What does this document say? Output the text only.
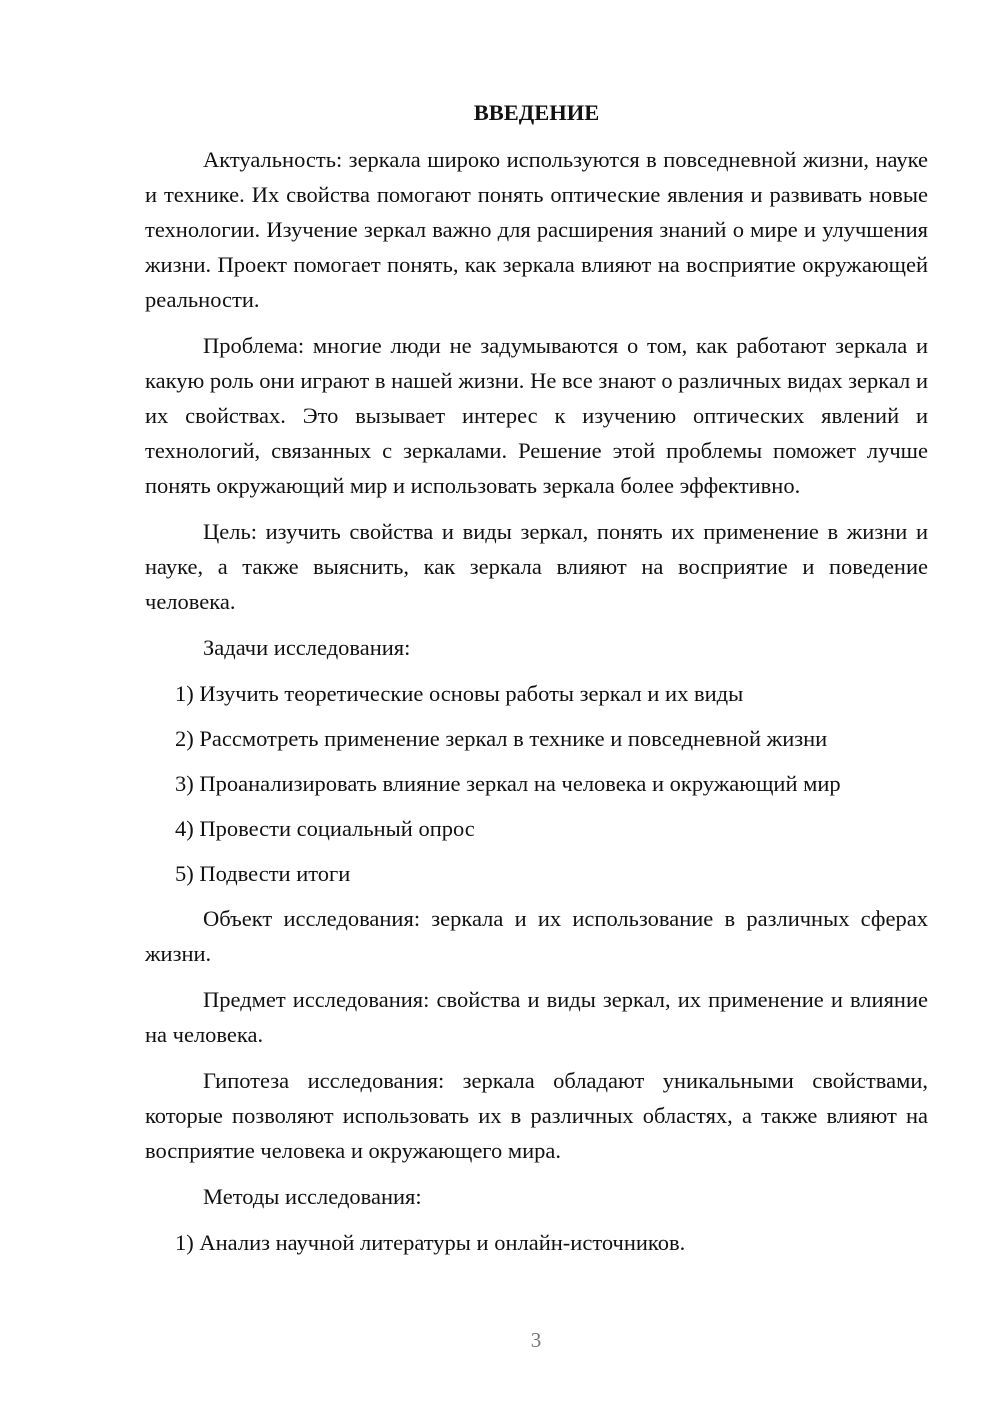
ВВЕДЕНИЕ

Актуальность: зеркала широко используются в повседневной жизни, науке и технике. Их свойства помогают понять оптические явления и развивать новые технологии. Изучение зеркал важно для расширения знаний о мире и улучшения жизни. Проект помогает понять, как зеркала влияют на восприятие окружающей реальности.

Проблема: многие люди не задумываются о том, как работают зеркала и какую роль они играют в нашей жизни. Не все знают о различных видах зеркал и их свойствах. Это вызывает интерес к изучению оптических явлений и технологий, связанных с зеркалами. Решение этой проблемы поможет лучше понять окружающий мир и использовать зеркала более эффективно.

Цель: изучить свойства и виды зеркал, понять их применение в жизни и науке, а также выяснить, как зеркала влияют на восприятие и поведение человека.

Задачи исследования:

1) Изучить теоретические основы работы зеркал и их виды

2) Рассмотреть применение зеркал в технике и повседневной жизни

3) Проанализировать влияние зеркал на человека и окружающий мир

4) Провести социальный опрос

5) Подвести итоги

Объект исследования: зеркала и их использование в различных сферах жизни.

Предмет исследования: свойства и виды зеркал, их применение и влияние на человека.

Гипотеза исследования: зеркала обладают уникальными свойствами, которые позволяют использовать их в различных областях, а также влияют на восприятие человека и окружающего мира.

Методы исследования:

1) Анализ научной литературы и онлайн-источников.

3
